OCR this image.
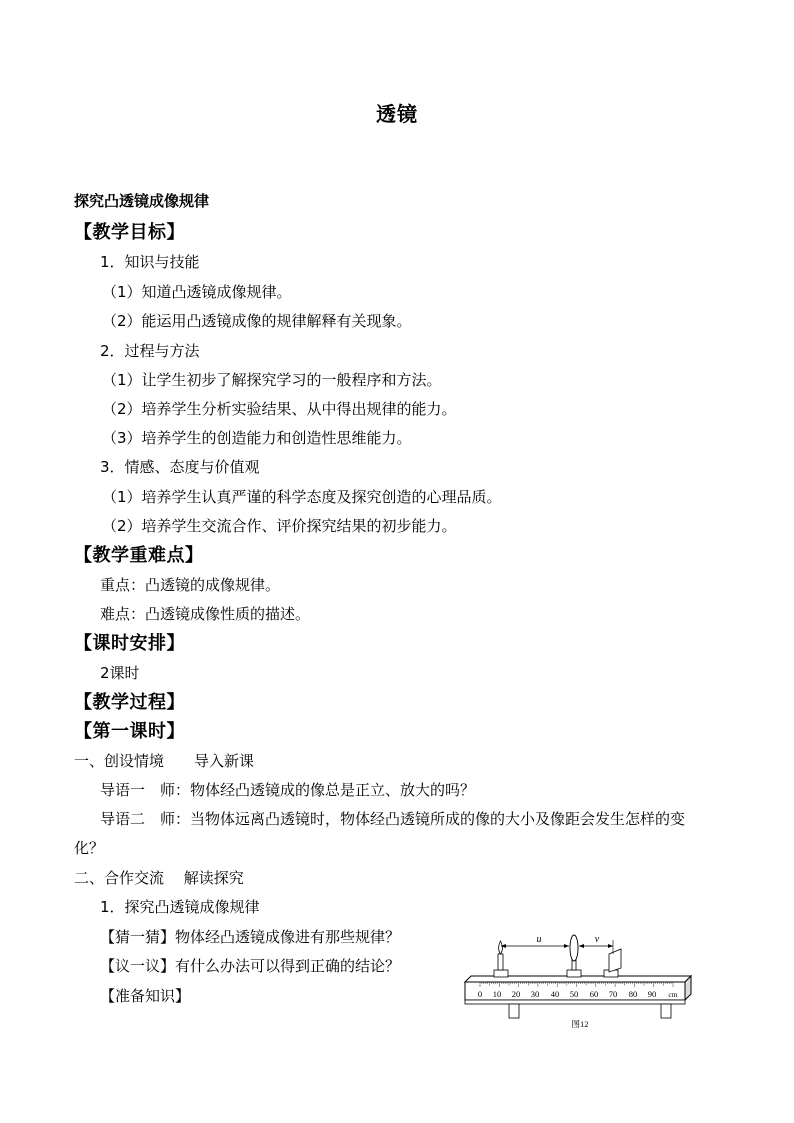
透镜
探究凸透镜成像规律
【教学目标】
1．知识与技能
（1）知道凸透镜成像规律。
（2）能运用凸透镜成像的规律解释有关现象。
2．过程与方法
（1）让学生初步了解探究学习的一般程序和方法。
（2）培养学生分析实验结果、从中得出规律的能力。
（3）培养学生的创造能力和创造性思维能力。
3．情感、态度与价值观
（1）培养学生认真严谨的科学态度及探究创造的心理品质。
（2）培养学生交流合作、评价探究结果的初步能力。
【教学重难点】
重点：凸透镜的成像规律。
难点：凸透镜成像性质的描述。
【课时安排】
2课时
【教学过程】
【第一课时】
一、创设情境　　导入新课
导语一　师：物体经凸透镜成的像总是正立、放大的吗？
导语二　师：当物体远离凸透镜时，物体经凸透镜所成的像的大小及像距会发生怎样的变
化？
二、合作交流　 解读探究
1．探究凸透镜成像规律
【猜一猜】物体经凸透镜成像进有那些规律？
【议一议】有什么办法可以得到正确的结论？
【准备知识】	0 10 20 30 40 50 60 70 80 90 cm
u	v
图12
